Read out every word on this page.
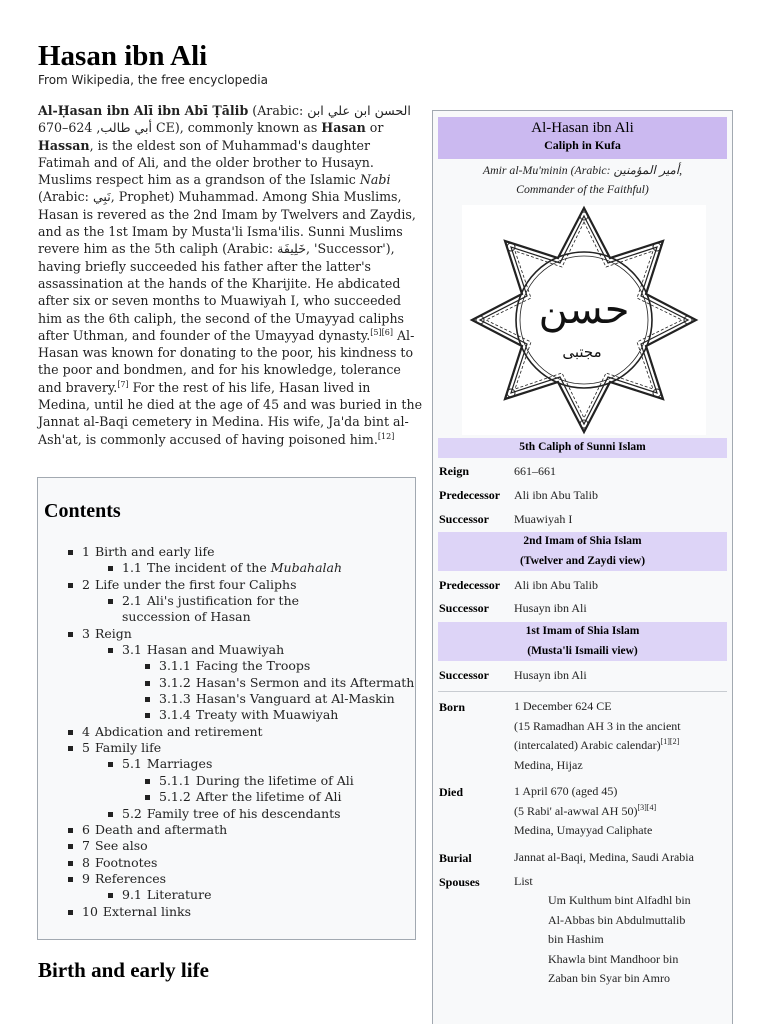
Hasan ibn Ali
From Wikipedia, the free encyclopedia

Al-Ḥasan ibn Alī ibn Abī Ṭālib (Arabic: الحسن ابن علي ابن أبي طالب, 624–670 CE), commonly known as Hasan or Hassan, is the eldest son of Muhammad's daughter Fatimah and of Ali, and the older brother to Husayn. Muslims respect him as a grandson of the Islamic Nabi (Arabic: نَبِي, Prophet) Muhammad. Among Shia Muslims, Hasan is revered as the 2nd Imam by Twelvers and Zaydis, and as the 1st Imam by Musta'li Isma'ilis. Sunni Muslims revere him as the 5th caliph (Arabic: خَلِيفَة, 'Successor'), having briefly succeeded his father after the latter's assassination at the hands of the Kharijite. He abdicated after six or seven months to Muawiyah I, who succeeded him as the 6th caliph, the second of the Umayyad caliphs after Uthman, and founder of the Umayyad dynasty.[5][6] Al-Hasan was known for donating to the poor, his kindness to the poor and bondmen, and for his knowledge, tolerance and bravery.[7] For the rest of his life, Hasan lived in Medina, until he died at the age of 45 and was buried in the Jannat al-Baqi cemetery in Medina. His wife, Ja'da bint al-Ash'at, is commonly accused of having poisoned him.[12]

Contents
1 Birth and early life
1.1 The incident of the Mubahalah
2 Life under the first four Caliphs
2.1 Ali's justification for the succession of Hasan
3 Reign
3.1 Hasan and Muawiyah
3.1.1 Facing the Troops
3.1.2 Hasan's Sermon and its Aftermath
3.1.3 Hasan's Vanguard at Al-Maskin
3.1.4 Treaty with Muawiyah
4 Abdication and retirement
5 Family life
5.1 Marriages
5.1.1 During the lifetime of Ali
5.1.2 After the lifetime of Ali
5.2 Family tree of his descendants
6 Death and aftermath
7 See also
8 Footnotes
9 References
9.1 Literature
10 External links
Birth and early life
Al-Hasan ibn Ali
Caliph in Kufa
Amir al-Mu'minin (Arabic: أمير المؤمنين,
Commander of the Faithful)
حسن
مجتبى
5th Caliph of Sunni Islam
Reign	661–661
Predecessor Ali ibn Abu Talib
Successor Muawiyah I
2nd Imam of Shia Islam
(Twelver and Zaydi view)
Predecessor Ali ibn Abu Talib
Successor Husayn ibn Ali
1st Imam of Shia Islam
(Musta'li Ismaili view)
Successor Husayn ibn Ali
Born	1 December 624 CE
(15 Ramadhan AH 3 in the ancient
(intercalated) Arabic calendar)[1][2]
Medina, Hijaz
Died	1 April 670 (aged 45)
(5 Rabi' al-awwal AH 50)[3][4]
Medina, Umayyad Caliphate
Burial	Jannat al-Baqi, Medina, Saudi Arabia
Spouses	List
Um Kulthum bint Alfadhl bin
Al-Abbas bin Abdulmuttalib
bin Hashim
Khawla bint Mandhoor bin
Zaban bin Syar bin Amro
